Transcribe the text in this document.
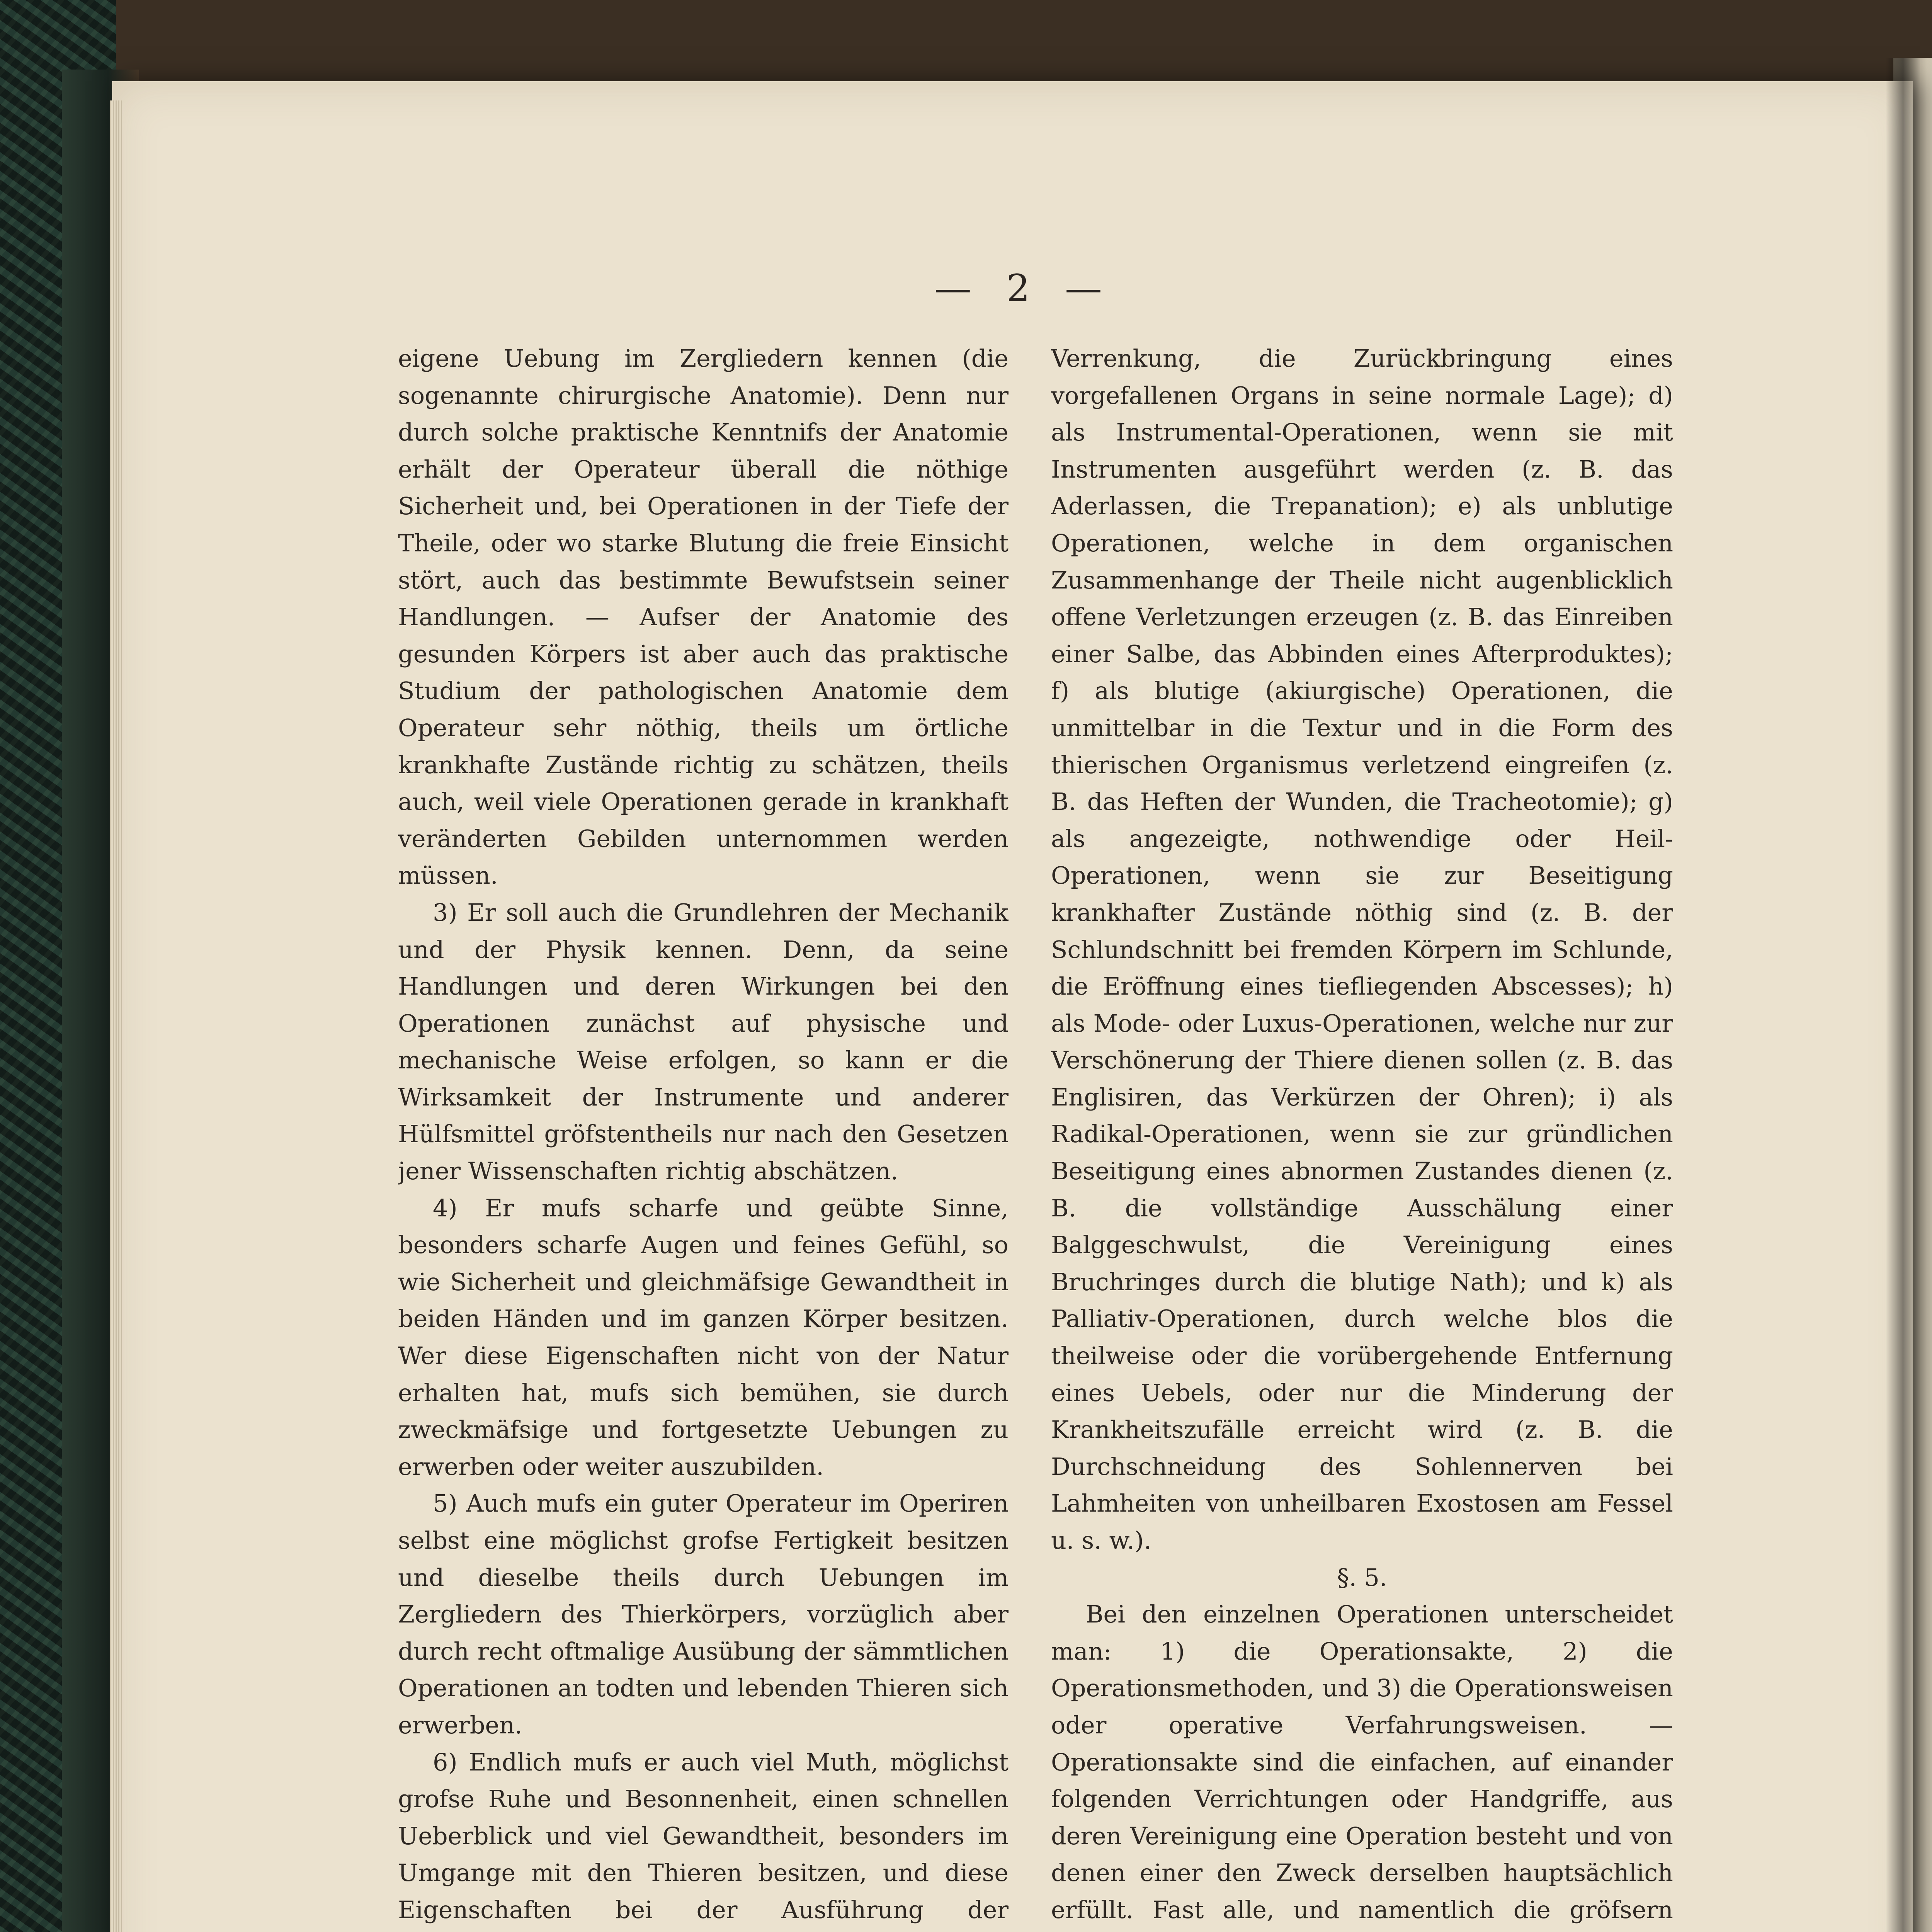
— 2 —

eigene Uebung im Zergliedern kennen (die sogenannte chirurgische Anatomie). Denn nur durch solche praktische Kenntnifs der Anatomie erhält der Operateur überall die nöthige Sicherheit und, bei Operationen in der Tiefe der Theile, oder wo starke Blutung die freie Einsicht stört, auch das bestimmte Bewufstsein seiner Handlungen. — Aufser der Anatomie des gesunden Körpers ist aber auch das praktische Studium der pathologischen Anatomie dem Operateur sehr nöthig, theils um örtliche krankhafte Zustände richtig zu schätzen, theils auch, weil viele Operationen gerade in krankhaft veränderten Gebilden unternommen werden müssen.

3) Er soll auch die Grundlehren der Mechanik und der Physik kennen. Denn, da seine Handlungen und deren Wirkungen bei den Operationen zunächst auf physische und mechanische Weise erfolgen, so kann er die Wirksamkeit der Instrumente und anderer Hülfsmittel gröfstentheils nur nach den Gesetzen jener Wissenschaften richtig abschätzen.

4) Er mufs scharfe und geübte Sinne, besonders scharfe Augen und feines Gefühl, so wie Sicherheit und gleichmäfsige Gewandtheit in beiden Händen und im ganzen Körper besitzen. Wer diese Eigenschaften nicht von der Natur erhalten hat, mufs sich bemühen, sie durch zweckmäfsige und fortgesetzte Uebungen zu erwerben oder weiter auszubilden.

5) Auch mufs ein guter Operateur im Operiren selbst eine möglichst grofse Fertigkeit besitzen und dieselbe theils durch Uebungen im Zergliedern des Thierkörpers, vorzüglich aber durch recht oftmalige Ausübung der sämmtlichen Operationen an todten und lebenden Thieren sich erwerben.

6) Endlich mufs er auch viel Muth, möglichst grofse Ruhe und Besonnenheit, einen schnellen Ueberblick und viel Gewandtheit, besonders im Umgange mit den Thieren besitzen, und diese Eigenschaften bei der Ausführung der

Verrenkung, die Zurückbringung eines vorgefallenen Organs in seine normale Lage); d) als Instrumental-Operationen, wenn sie mit Instrumenten ausgeführt werden (z. B. das Aderlassen, die Trepanation); e) als unblutige Operationen, welche in dem organischen Zusammenhange der Theile nicht augenblicklich offene Verletzungen erzeugen (z. B. das Einreiben einer Salbe, das Abbinden eines Afterproduktes); f) als blutige (akiurgische) Operationen, die unmittelbar in die Textur und in die Form des thierischen Organismus verletzend eingreifen (z. B. das Heften der Wunden, die Tracheotomie); g) als angezeigte, nothwendige oder Heil-Operationen, wenn sie zur Beseitigung krankhafter Zustände nöthig sind (z. B. der Schlundschnitt bei fremden Körpern im Schlunde, die Eröffnung eines tiefliegenden Abscesses); h) als Mode- oder Luxus-Operationen, welche nur zur Verschönerung der Thiere dienen sollen (z. B. das Englisiren, das Verkürzen der Ohren); i) als Radikal-Operationen, wenn sie zur gründlichen Beseitigung eines abnormen Zustandes dienen (z. B. die vollständige Ausschälung einer Balggeschwulst, die Vereinigung eines Bruchringes durch die blutige Nath); und k) als Palliativ-Operationen, durch welche blos die theilweise oder die vorübergehende Entfernung eines Uebels, oder nur die Minderung der Krankheitszufälle erreicht wird (z. B. die Durchschneidung des Sohlennerven bei Lahmheiten von unheilbaren Exostosen am Fessel u. s. w.).

§. 5.

Bei den einzelnen Operationen unterscheidet man: 1) die Operationsakte, 2) die Operationsmethoden, und 3) die Operationsweisen oder operative Verfahrungsweisen. — Operationsakte sind die einfachen, auf einander folgenden Verrichtungen oder Handgriffe, aus deren Vereinigung eine Operation besteht und von denen einer den Zweck derselben hauptsächlich erfüllt. Fast alle, und namentlich die gröfsern
